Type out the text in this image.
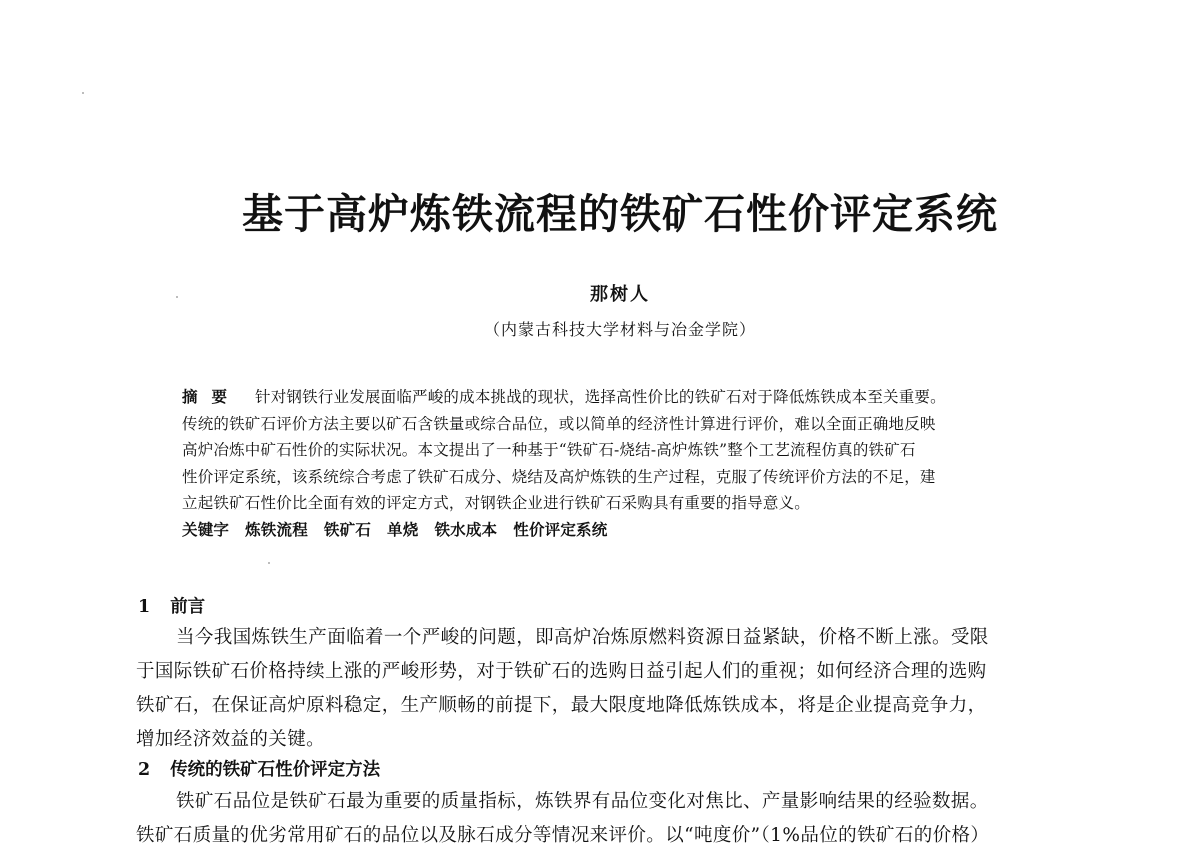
基于高炉炼铁流程的铁矿石性价评定系统
那树人
（内蒙古科技大学材料与冶金学院）
摘要 针对钢铁行业发展面临严峻的成本挑战的现状，选择高性价比的铁矿石对于降低炼铁成本至关重要。
传统的铁矿石评价方法主要以矿石含铁量或综合品位，或以简单的经济性计算进行评价，难以全面正确地反映
高炉冶炼中矿石性价的实际状况。本文提出了一种基于“铁矿石-烧结-高炉炼铁”整个工艺流程仿真的铁矿石
性价评定系统，该系统综合考虑了铁矿石成分、烧结及高炉炼铁的生产过程，克服了传统评价方法的不足，建
立起铁矿石性价比全面有效的评定方式，对钢铁企业进行铁矿石采购具有重要的指导意义。
关键字 炼铁流程 铁矿石 单烧 铁水成本 性价评定系统
1 前言
当今我国炼铁生产面临着一个严峻的问题，即高炉冶炼原燃料资源日益紧缺，价格不断上涨。受限
于国际铁矿石价格持续上涨的严峻形势，对于铁矿石的选购日益引起人们的重视；如何经济合理的选购
铁矿石，在保证高炉原料稳定，生产顺畅的前提下，最大限度地降低炼铁成本，将是企业提高竞争力，
增加经济效益的关键。
2 传统的铁矿石性价评定方法
铁矿石品位是铁矿石最为重要的质量指标，炼铁界有品位变化对焦比、产量影响结果的经验数据。
铁矿石质量的优劣常用矿石的品位以及脉石成分等情况来评价。以“吨度价”（1%品位的铁矿石的价格）
